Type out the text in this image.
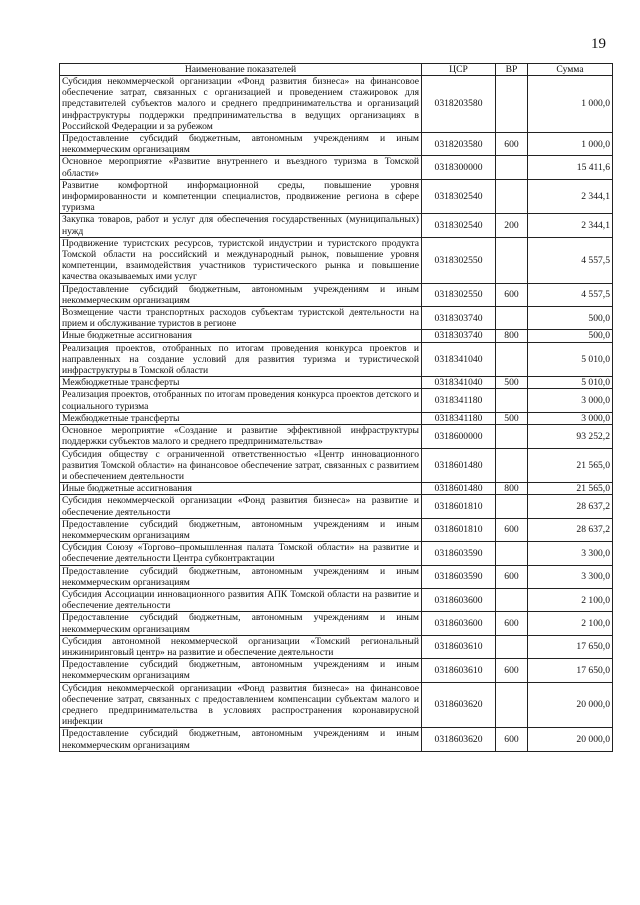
19
Наименование показателей	ЦСР	ВР	Сумма
Субсидия некоммерческой организации «Фонд развития бизнеса» на финансовое обеспечение затрат, связанных с организацией и проведением стажировок для представителей субъектов малого и среднего предпринимательства и организаций инфраструктуры поддержки предпринимательства в ведущих организациях в Российской Федерации и за рубежом	0318203580		1 000,0
Предоставление субсидий бюджетным, автономным учреждениям и иным некоммерческим организациям	0318203580	600	1 000,0
Основное мероприятие «Развитие внутреннего и въездного туризма в Томской области»	0318300000		15 411,6
Развитие комфортной информационной среды, повышение уровня информированности и компетенции специалистов, продвижение региона в сфере туризма	0318302540		2 344,1
Закупка товаров, работ и услуг для обеспечения государственных (муниципальных) нужд	0318302540	200	2 344,1
Продвижение туристских ресурсов, туристской индустрии и туристского продукта Томской области на российский и международный рынок, повышение уровня компетенции, взаимодействия участников туристического рынка и повышение качества оказываемых ими услуг	0318302550		4 557,5
Предоставление субсидий бюджетным, автономным учреждениям и иным некоммерческим организациям	0318302550	600	4 557,5
Возмещение части транспортных расходов субъектам туристской деятельности на прием и обслуживание туристов в регионе	0318303740		500,0
Иные бюджетные ассигнования	0318303740	800	500,0
Реализация проектов, отобранных по итогам проведения конкурса проектов и направленных на создание условий для развития туризма и туристической инфраструктуры в Томской области	0318341040		5 010,0
Межбюджетные трансферты	0318341040	500	5 010,0
Реализация проектов, отобранных по итогам проведения конкурса проектов детского и социального туризма	0318341180		3 000,0
Межбюджетные трансферты	0318341180	500	3 000,0
Основное мероприятие «Создание и развитие эффективной инфраструктуры поддержки субъектов малого и среднего предпринимательства»	0318600000		93 252,2
Субсидия обществу с ограниченной ответственностью «Центр инновационного развития Томской области» на финансовое обеспечение затрат, связанных с развитием и обеспечением деятельности	0318601480		21 565,0
Иные бюджетные ассигнования	0318601480	800	21 565,0
Субсидия некоммерческой организации «Фонд развития бизнеса» на развитие и обеспечение деятельности	0318601810		28 637,2
Предоставление субсидий бюджетным, автономным учреждениям и иным некоммерческим организациям	0318601810	600	28 637,2
Субсидия Союзу «Торгово–промышленная палата Томской области» на развитие и обеспечение деятельности Центра субконтрактации	0318603590		3 300,0
Предоставление субсидий бюджетным, автономным учреждениям и иным некоммерческим организациям	0318603590	600	3 300,0
Субсидия Ассоциации инновационного развития АПК Томской области на развитие и обеспечение деятельности	0318603600		2 100,0
Предоставление субсидий бюджетным, автономным учреждениям и иным некоммерческим организациям	0318603600	600	2 100,0
Субсидия автономной некоммерческой организации «Томский региональный инжиниринговый центр» на развитие и обеспечение деятельности	0318603610		17 650,0
Предоставление субсидий бюджетным, автономным учреждениям и иным некоммерческим организациям	0318603610	600	17 650,0
Субсидия некоммерческой организации «Фонд развития бизнеса» на финансовое обеспечение затрат, связанных с предоставлением компенсации субъектам малого и среднего предпринимательства в условиях распространения коронавирусной инфекции	0318603620		20 000,0
Предоставление субсидий бюджетным, автономным учреждениям и иным некоммерческим организациям	0318603620	600	20 000,0
